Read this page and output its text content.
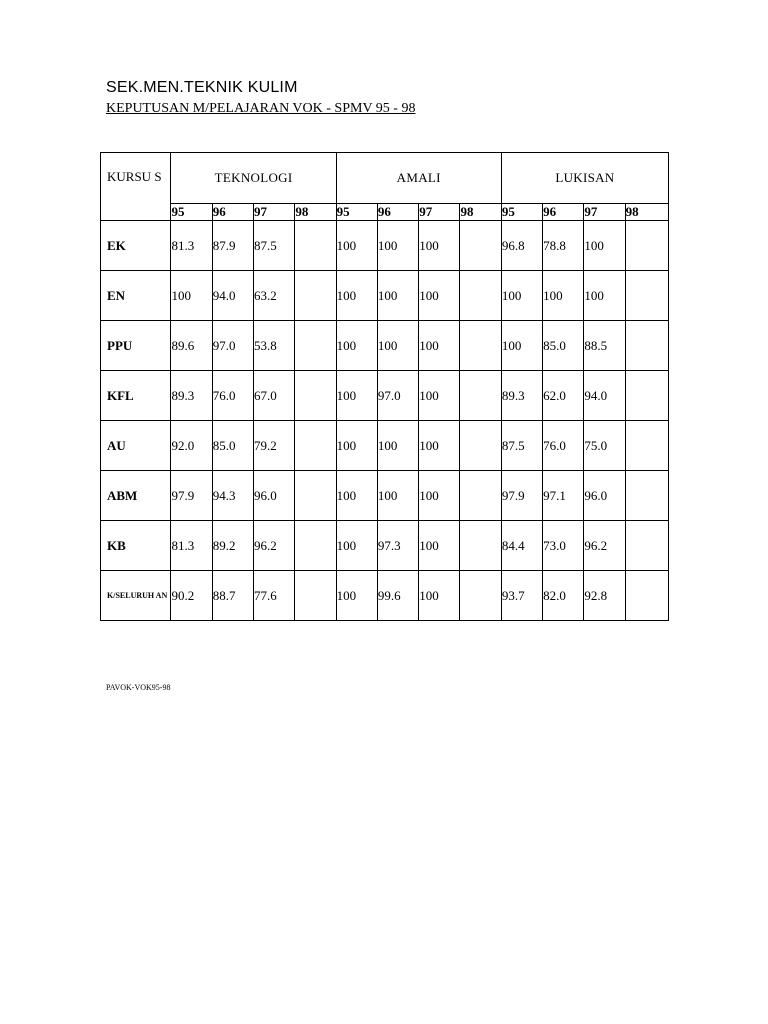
SEK.MEN.TEKNIK KULIM

KEPUTUSAN M/PELAJARAN VOK - SPMV 95 - 98

KURSU S	TEKNOLOGI				AMALI				LUKISAN			
	95	96	97	98	95	96	97	98	95	96	97	98
EK	81.3	87.9	87.5		100	100	100		96.8	78.8	100	
EN	100	94.0	63.2		100	100	100		100	100	100	
PPU	89.6	97.0	53.8		100	100	100		100	85.0	88.5	
KFL	89.3	76.0	67.0		100	97.0	100		89.3	62.0	94.0	
AU	92.0	85.0	79.2		100	100	100		87.5	76.0	75.0	
ABM	97.9	94.3	96.0		100	100	100		97.9	97.1	96.0	
KB	81.3	89.2	96.2		100	97.3	100		84.4	73.0	96.2	
K/SELURUH AN	90.2	88.7	77.6		100	99.6	100		93.7	82.0	92.8	
PAVOK-VOK95-98
